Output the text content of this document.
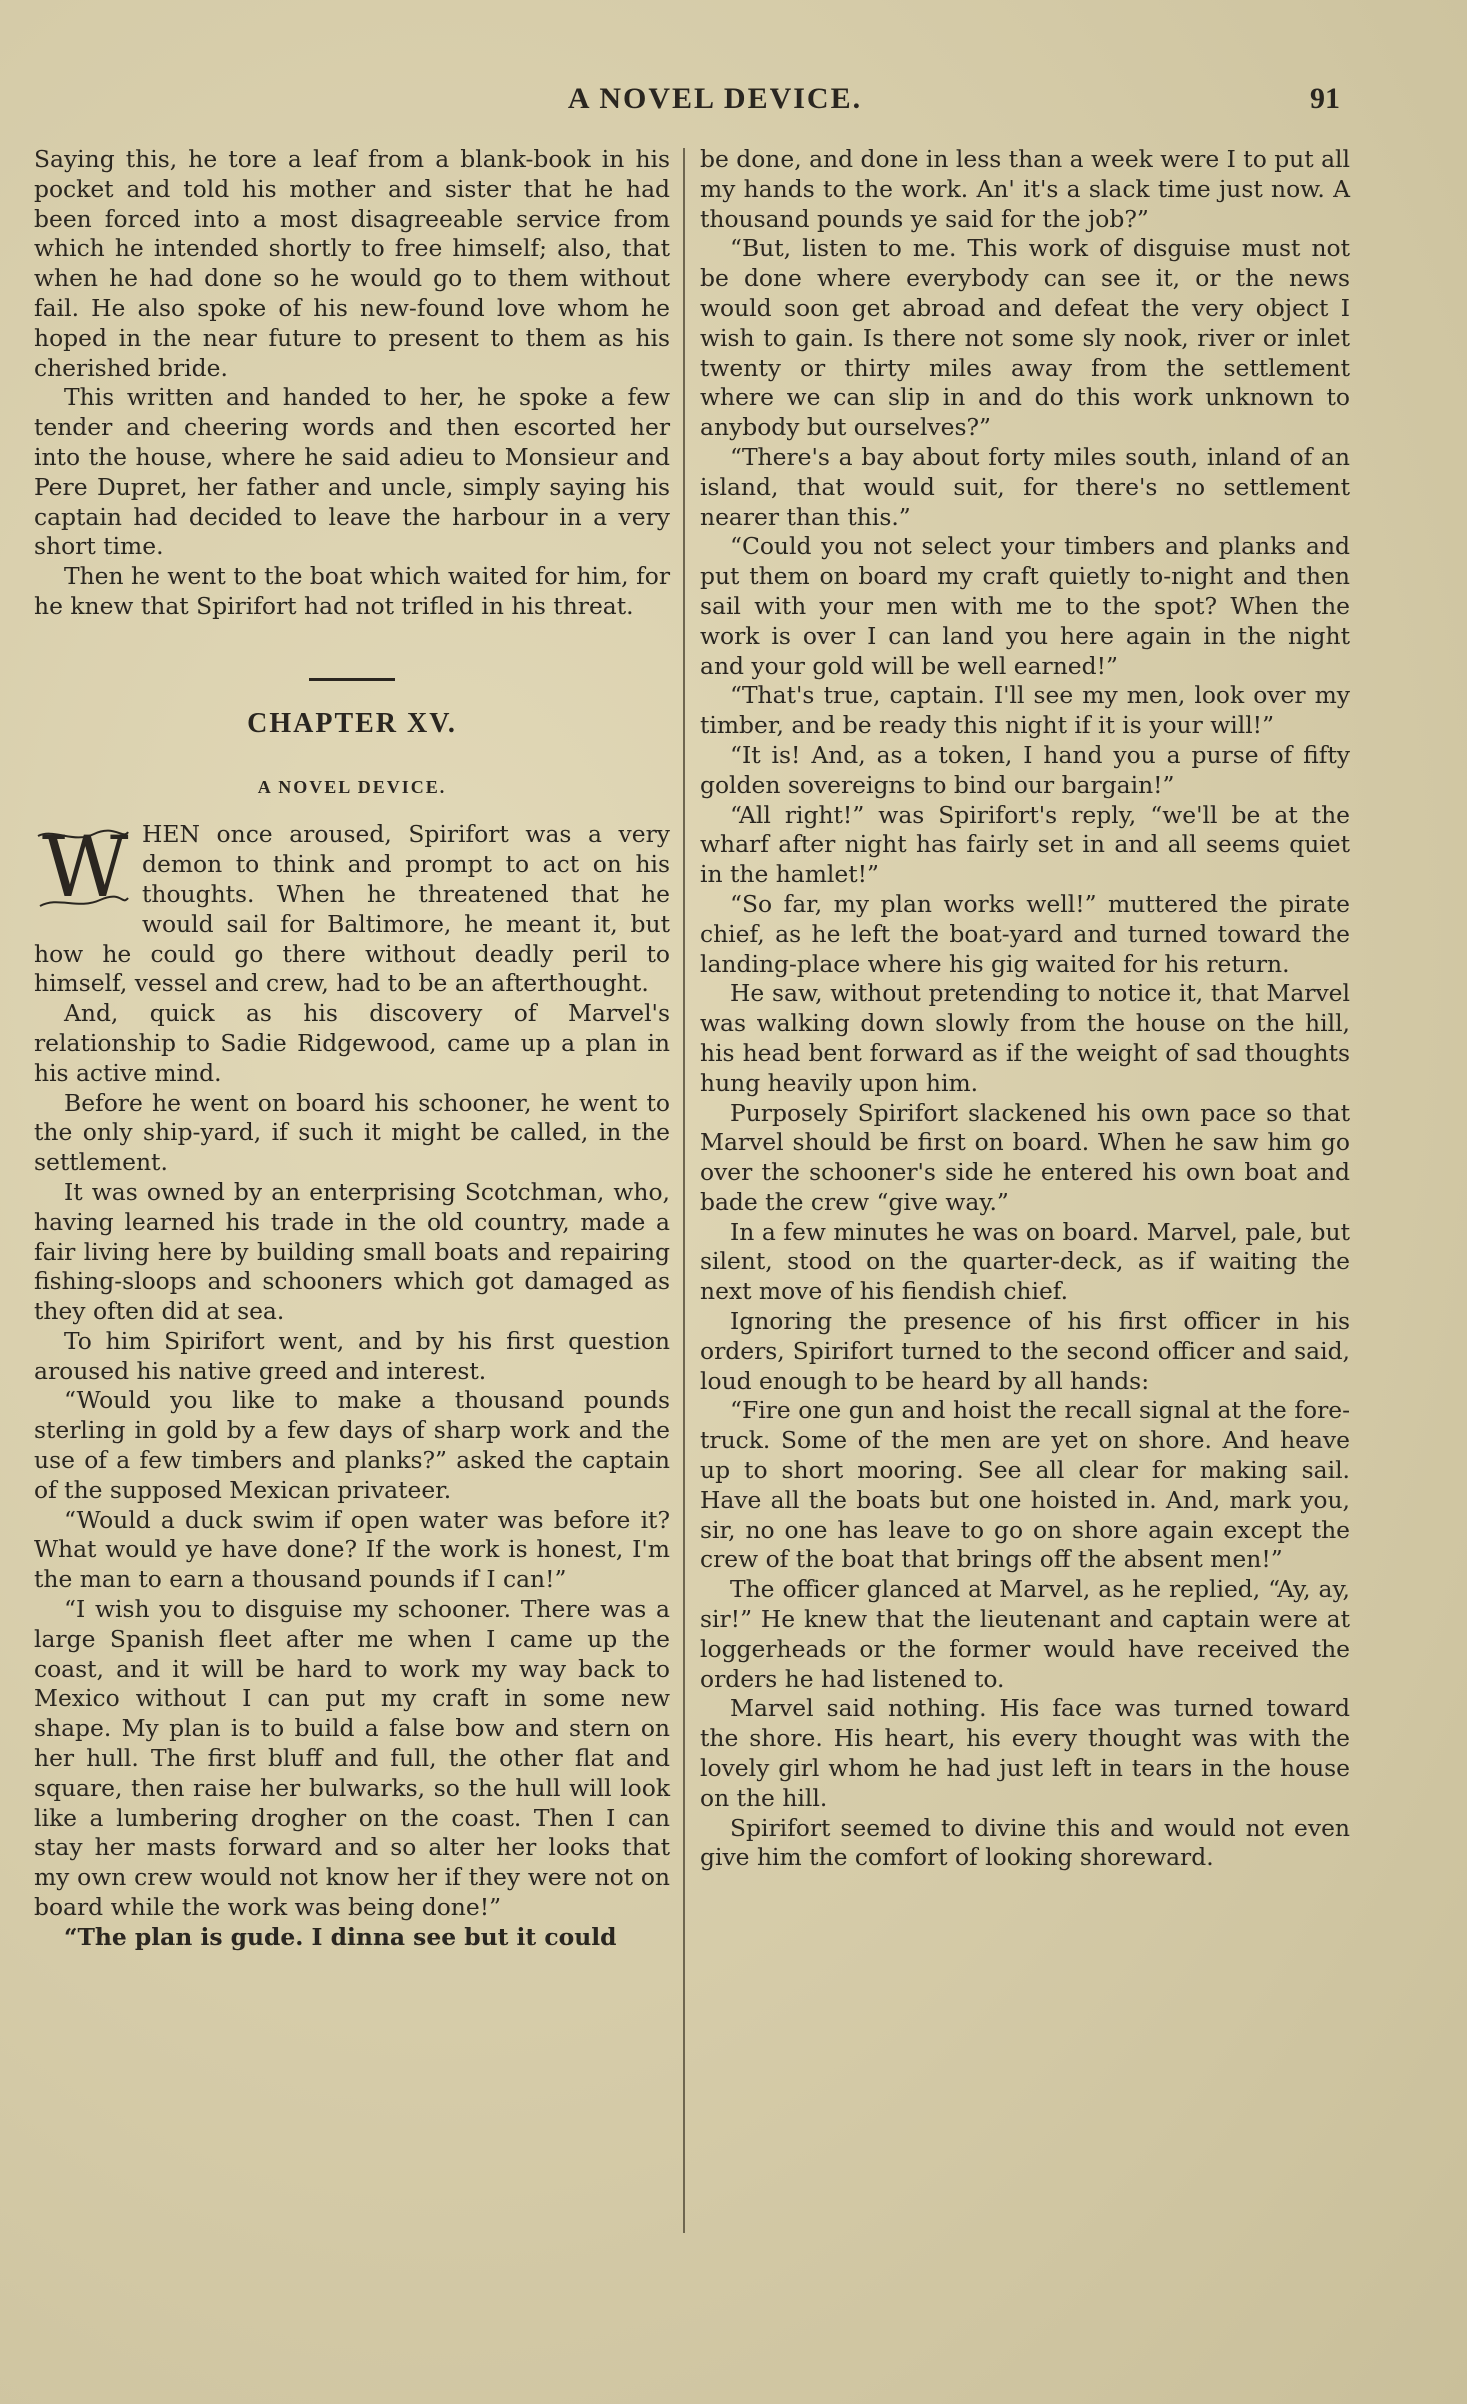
A NOVEL DEVICE.	91

Saying this, he tore a leaf from a blank-book in his pocket and told his mother and sister that he had been forced into a most disagreeable service from which he intended shortly to free himself; also, that when he had done so he would go to them without fail. He also spoke of his new-found love whom he hoped in the near future to present to them as his cherished bride.

This written and handed to her, he spoke a few tender and cheering words and then escorted her into the house, where he said adieu to Monsieur and Pere Dupret, her father and uncle, simply saying his captain had decided to leave the harbour in a very short time.

Then he went to the boat which waited for him, for he knew that Spirifort had not trifled in his threat.

CHAPTER XV.
A NOVEL DEVICE.

W HEN once aroused, Spirifort was a very demon to think and prompt to act on his thoughts. When he threatened that he would sail for Baltimore, he meant it, but how he could go there without deadly peril to himself, vessel and crew, had to be an afterthought.

And, quick as his discovery of Marvel's relationship to Sadie Ridgewood, came up a plan in his active mind.

Before he went on board his schooner, he went to the only ship-yard, if such it might be called, in the settlement.

It was owned by an enterprising Scotchman, who, having learned his trade in the old country, made a fair living here by building small boats and repairing fishing-sloops and schooners which got damaged as they often did at sea.

To him Spirifort went, and by his first question aroused his native greed and interest.

“Would you like to make a thousand pounds sterling in gold by a few days of sharp work and the use of a few timbers and planks?” asked the captain of the supposed Mexican privateer.

“Would a duck swim if open water was before it? What would ye have done? If the work is honest, I'm the man to earn a thousand pounds if I can!”

“I wish you to disguise my schooner. There was a large Spanish fleet after me when I came up the coast, and it will be hard to work my way back to Mexico without I can put my craft in some new shape. My plan is to build a false bow and stern on her hull. The first bluff and full, the other flat and square, then raise her bulwarks, so the hull will look like a lumbering drogher on the coast. Then I can stay her masts forward and so alter her looks that my own crew would not know her if they were not on board while the work was being done!”

“The plan is gude. I dinna see but it could

be done, and done in less than a week were I to put all my hands to the work. An' it's a slack time just now. A thousand pounds ye said for the job?”

“But, listen to me. This work of disguise must not be done where everybody can see it, or the news would soon get abroad and defeat the very object I wish to gain. Is there not some sly nook, river or inlet twenty or thirty miles away from the settlement where we can slip in and do this work unknown to anybody but ourselves?”

“There's a bay about forty miles south, inland of an island, that would suit, for there's no settlement nearer than this.”

“Could you not select your timbers and planks and put them on board my craft quietly to-night and then sail with your men with me to the spot? When the work is over I can land you here again in the night and your gold will be well earned!”

“That's true, captain. I'll see my men, look over my timber, and be ready this night if it is your will!”

“It is! And, as a token, I hand you a purse of fifty golden sovereigns to bind our bargain!”

“All right!” was Spirifort's reply, “we'll be at the wharf after night has fairly set in and all seems quiet in the hamlet!”

“So far, my plan works well!” muttered the pirate chief, as he left the boat-yard and turned toward the landing-place where his gig waited for his return.

He saw, without pretending to notice it, that Marvel was walking down slowly from the house on the hill, his head bent forward as if the weight of sad thoughts hung heavily upon him.

Purposely Spirifort slackened his own pace so that Marvel should be first on board. When he saw him go over the schooner's side he entered his own boat and bade the crew “give way.”

In a few minutes he was on board. Marvel, pale, but silent, stood on the quarter-deck, as if waiting the next move of his fiendish chief.

Ignoring the presence of his first officer in his orders, Spirifort turned to the second officer and said, loud enough to be heard by all hands:

“Fire one gun and hoist the recall signal at the fore-truck. Some of the men are yet on shore. And heave up to short mooring. See all clear for making sail. Have all the boats but one hoisted in. And, mark you, sir, no one has leave to go on shore again except the crew of the boat that brings off the absent men!”

The officer glanced at Marvel, as he replied, “Ay, ay, sir!” He knew that the lieutenant and captain were at loggerheads or the former would have received the orders he had listened to.

Marvel said nothing. His face was turned toward the shore. His heart, his every thought was with the lovely girl whom he had just left in tears in the house on the hill.

Spirifort seemed to divine this and would not even give him the comfort of looking shoreward.
